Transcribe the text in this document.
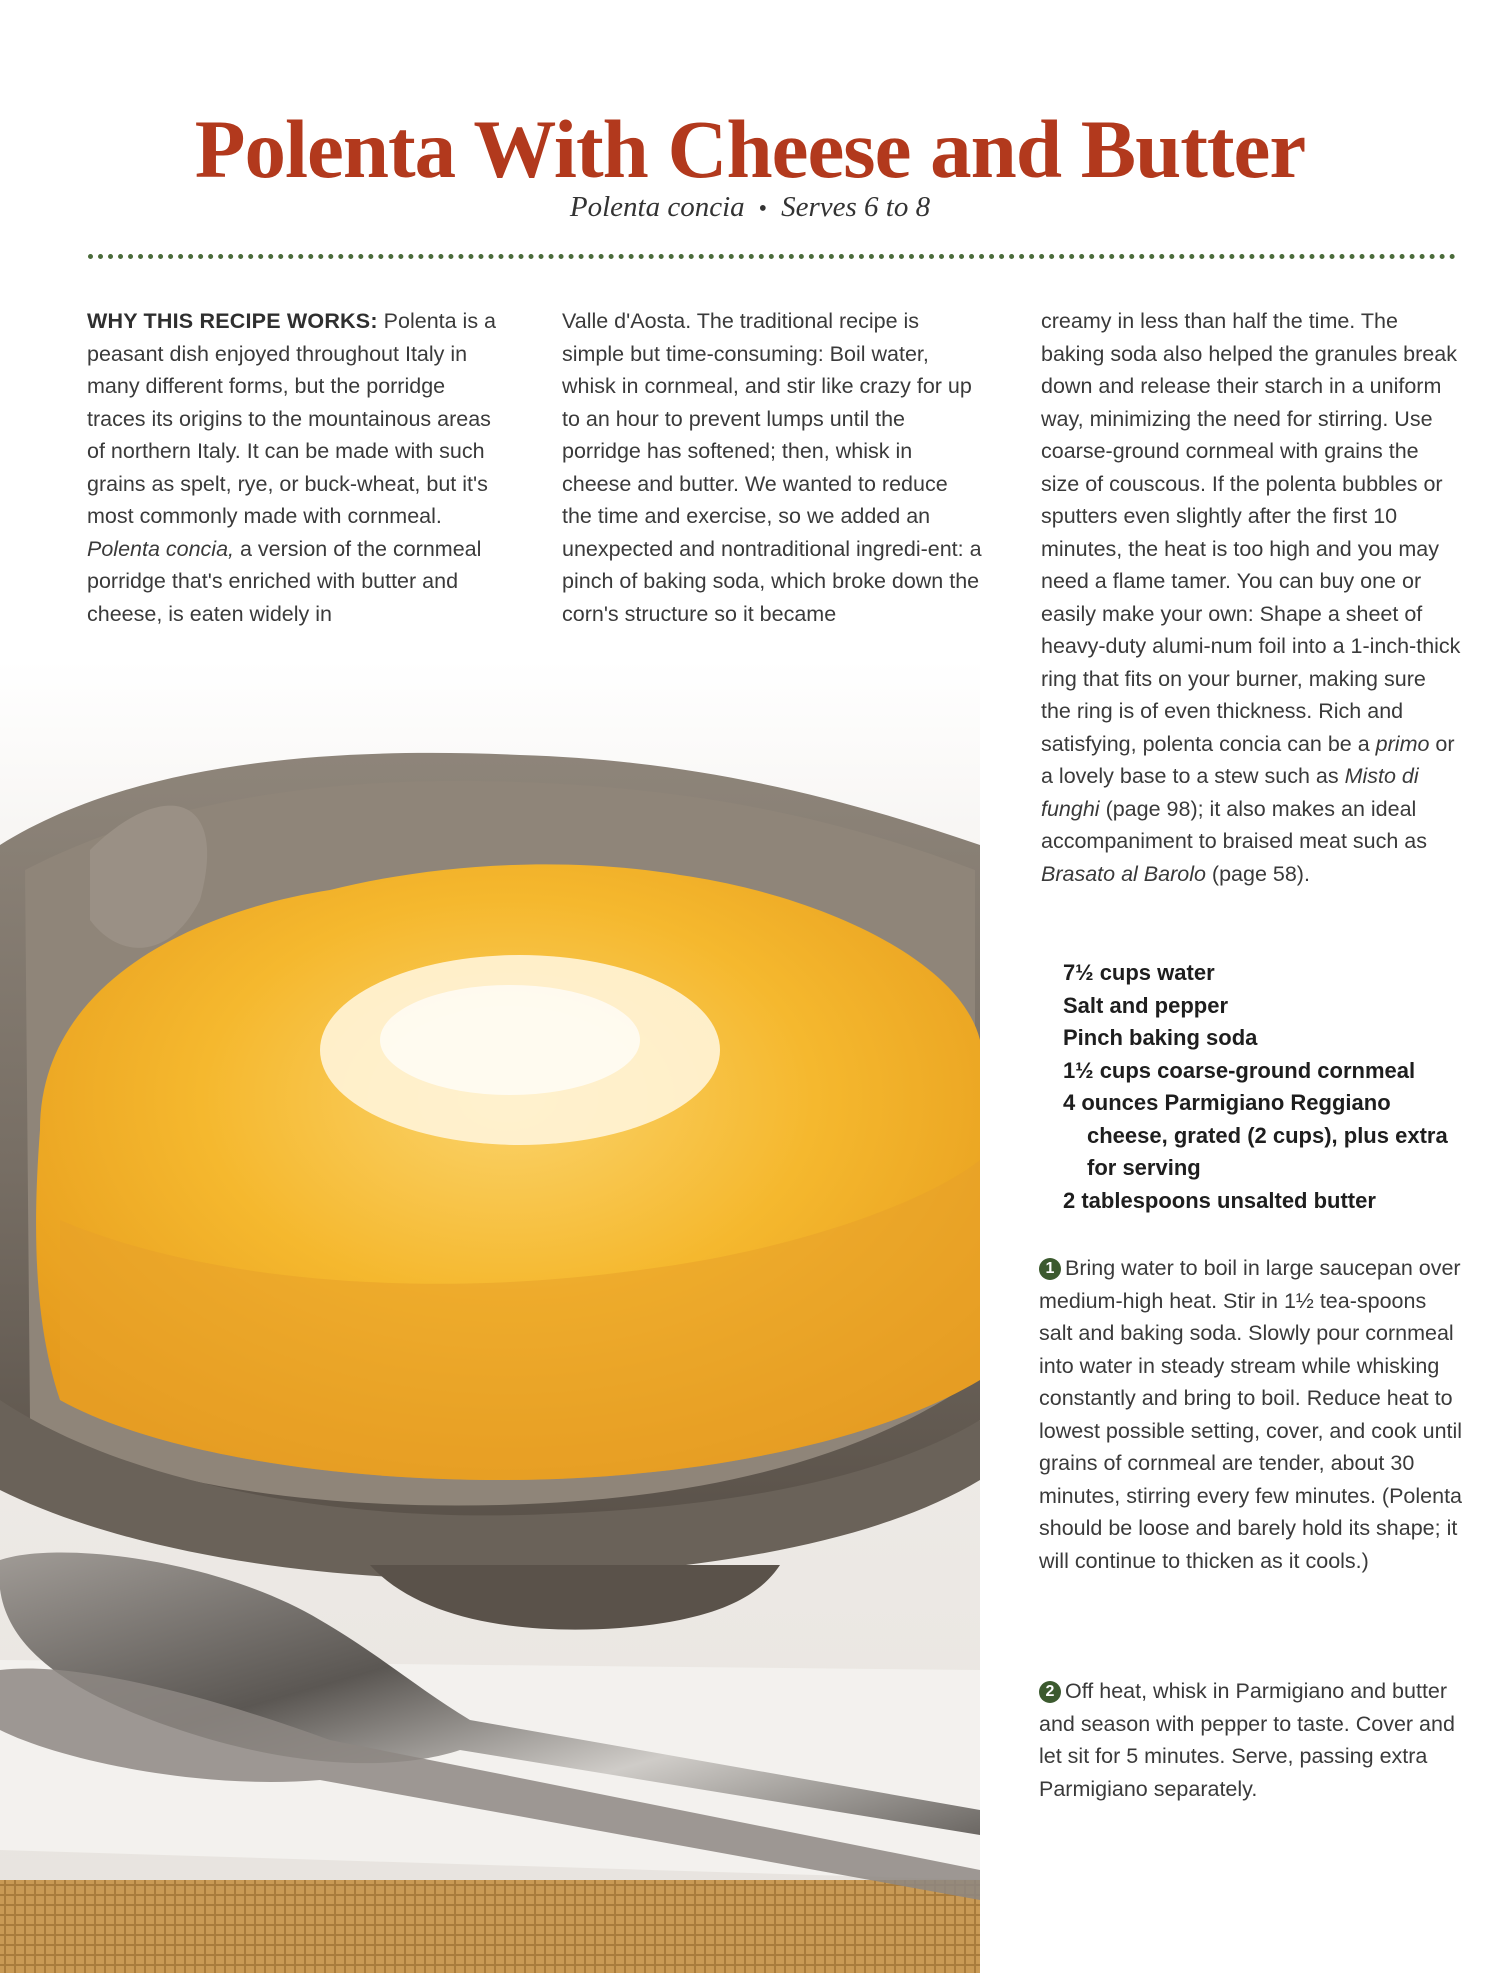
Polenta With Cheese and Butter
Polenta concia • Serves 6 to 8
WHY THIS RECIPE WORKS: Polenta is a peasant dish enjoyed throughout Italy in many different forms, but the porridge traces its origins to the mountainous areas of northern Italy. It can be made with such grains as spelt, rye, or buck-wheat, but it's most commonly made with cornmeal. Polenta concia, a version of the cornmeal porridge that's enriched with butter and cheese, is eaten widely in
Valle d'Aosta. The traditional recipe is simple but time-consuming: Boil water, whisk in cornmeal, and stir like crazy for up to an hour to prevent lumps until the porridge has softened; then, whisk in cheese and butter. We wanted to reduce the time and exercise, so we added an unexpected and nontraditional ingredi-ent: a pinch of baking soda, which broke down the corn's structure so it became
creamy in less than half the time. The baking soda also helped the granules break down and release their starch in a uniform way, minimizing the need for stirring. Use coarse-ground cornmeal with grains the size of couscous. If the polenta bubbles or sputters even slightly after the first 10 minutes, the heat is too high and you may need a flame tamer. You can buy one or easily make your own: Shape a sheet of heavy-duty alumi-num foil into a 1-inch-thick ring that fits on your burner, making sure the ring is of even thickness. Rich and satisfying, polenta concia can be a primo or a lovely base to a stew such as Misto di funghi (page 98); it also makes an ideal accompaniment to braised meat such as Brasato al Barolo (page 58).
7½ cups water
Salt and pepper
Pinch baking soda
1½ cups coarse-ground cornmeal
4 ounces Parmigiano Reggiano cheese, grated (2 cups), plus extra for serving
2 tablespoons unsalted butter
1 Bring water to boil in large saucepan over medium-high heat. Stir in 1½ tea-spoons salt and baking soda. Slowly pour cornmeal into water in steady stream while whisking constantly and bring to boil. Reduce heat to lowest possible setting, cover, and cook until grains of cornmeal are tender, about 30 minutes, stirring every few minutes. (Polenta should be loose and barely hold its shape; it will continue to thicken as it cools.)
2 Off heat, whisk in Parmigiano and butter and season with pepper to taste. Cover and let sit for 5 minutes. Serve, passing extra Parmigiano separately.
